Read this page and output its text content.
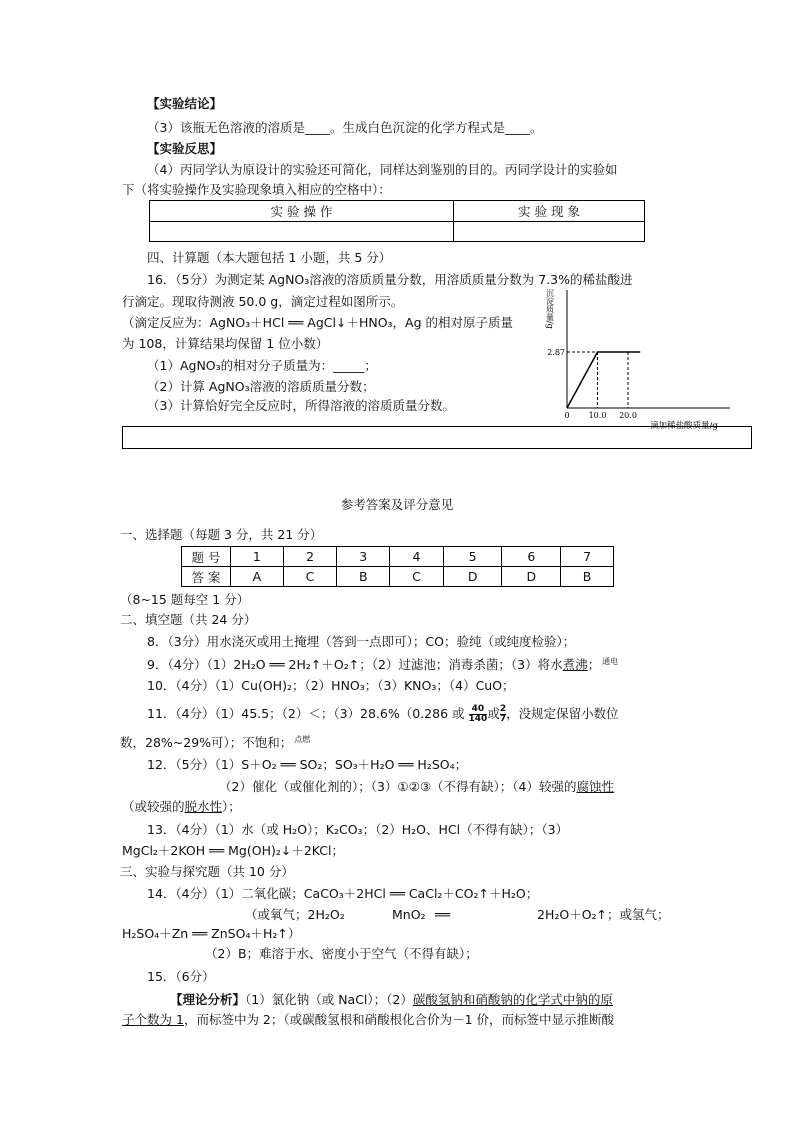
【实验结论】
（3）该瓶无色溶液的溶质是____。生成白色沉淀的化学方程式是____。
【实验反思】
（4）丙同学认为原设计的实验还可简化，同样达到鉴别的目的。丙同学设计的实验如
下（将实验操作及实验现象填入相应的空格中）：
实 验 操 作	实 验 现 象

四、计算题（本大题包括 1 小题，共 5 分）
16．（5分）为测定某 AgNO₃溶液的溶质质量分数，用溶质质量分数为 7.3%的稀盐酸进
行滴定。现取待测液 50.0 g，滴定过程如图所示。
（滴定反应为：AgNO₃＋HCl ══ AgCl↓＋HNO₃，Ag 的相对原子质量
为 108，计算结果均保留 1 位小数）
（1）AgNO₃的相对分子质量为：_____；
（2）计算 AgNO₃溶液的溶质质量分数；
（3）计算恰好完全反应时，所得溶液的溶质质量分数。
沉淀质量/g
滴加稀盐酸质量/g
0 10.0 20.0
2.87
参考答案及评分意见
一、选择题（每题 3 分，共 21 分）
题 号	1	2	3	4	5	6	7
答 案	A	C	B	C	D	D	B
（8~15 题每空 1 分）
二、填空题（共 24 分）
8．（3分）用水浇灭或用土掩埋（答到一点即可）；CO；验纯（或纯度检验）；
9．（4分）（1）2H₂O ══ 2H₂↑＋O₂↑；（2）过滤池；消毒杀菌；（3）将水煮沸； $^{通电}$
10．（4分）（1）Cu(OH)₂；（2）HNO₃；（3）KNO₃；（4）CuO；
11．（4分）（1）45.5；（2）＜；（3）28.6%（0.286 或 $\frac{40}{140}$ 或 $\frac{2}{7}$ ，没规定保留小数位
数，28%~29%可）；不饱和； $^{点燃}$
12．（5分）（1）S＋O₂ ══ SO₂；SO₃＋H₂O ══ H₂SO₄；
（2）催化（或催化剂的）；（3）①②③（不得有缺）；（4）较强的腐蚀性
（或较强的脱水性）；
13．（4分）（1）水（或 H₂O）；K₂CO₃；（2）H₂O、HCl（不得有缺）；（3）
MgCl₂＋2KOH ══ Mg(OH)₂↓＋2KCl；
三、实验与探究题（共 10 分）
14．（4分）（1）二氧化碳；CaCO₃＋2HCl ══ CaCl₂＋CO₂↑＋H₂O；
（或氧气；2H₂O₂	MnO₂ ══	2H₂O＋O₂↑；或氢气；
H₂SO₄＋Zn ══ ZnSO₄＋H₂↑）
（2）B；难溶于水、密度小于空气（不得有缺）；
15．（6分）
【理论分析】（1）氯化钠（或 NaCl）；（2）碳酸氢钠和硝酸钠的化学式中钠的原
子个数为 1，而标签中为 2；（或碳酸氢根和硝酸根化合价为－1 价，而标签中显示推断酸
